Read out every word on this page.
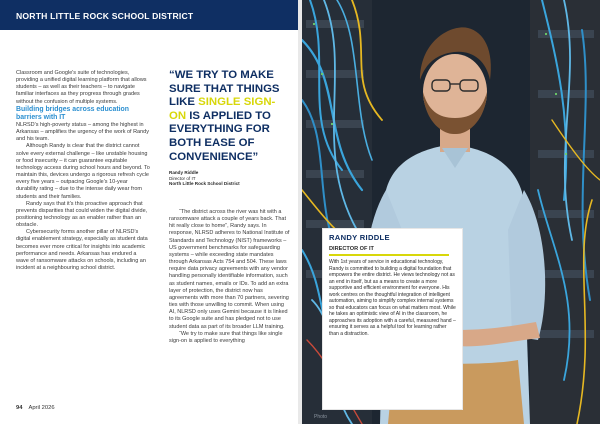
NORTH LITTLE ROCK SCHOOL DISTRICT

Classroom and Google's suite of technologies, providing a unified digital learning platform that allows students – as well as their teachers – to navigate familiar interfaces as they progress through grades without the confusion of multiple systems.

Building bridges across education barriers with IT

NLRSD's high-poverty status – among the highest in Arkansas – amplifies the urgency of the work of Randy and his team.

Although Randy is clear that the district cannot solve every external challenge – like unstable housing or food insecurity – it can guarantee equitable technology access during school hours and beyond. To maintain this, devices undergo a rigorous refresh cycle every five years – outpacing Google's 10-year durability rating – due to the intense daily wear from students and their families.

Randy says that it's this proactive approach that prevents disparities that could widen the digital divide, positioning technology as an enabler rather than an obstacle.

Cybersecurity forms another pillar of NLRSD's digital enablement strategy, especially as student data becomes ever more critical for insights into academic performance and needs. Arkansas has endured a wave of ransomware attacks on schools, including an incident at a neighbouring school district.

“WE TRY TO MAKE SURE THAT THINGS LIKE SINGLE SIGN-ON IS APPLIED TO EVERYTHING FOR BOTH EASE OF CONVENIENCE”
Randy Riddle
Director of IT
North Little Rock School District

“The district across the river was hit with a ransomware attack a couple of years back. That hit really close to home”, Randy says. In response, NLRSD adheres to National Institute of Standards and Technology (NIST) frameworks – US government benchmarks for safeguarding systems – while exceeding state mandates through Arkansas Acts 754 and 504. These laws require data privacy agreements with any vendor handling personally identifiable information, such as student names, emails or IDs. To add an extra layer of protection, the district now has agreements with more than 70 partners, severing ties with those unwilling to commit. When using AI, NLRSD only uses Gemini because it is linked to its Google suite and has pledged not to use student data as part of its broader LLM training.

“We try to make sure that things like single sign-on is applied to everything

94 April 2026
Photo
RANDY RIDDLE
DIRECTOR OF IT

With 1st years of service in educational technology, Randy is committed to building a digital foundation that empowers the entire district. He views technology not as an end in itself, but as a means to create a more supportive and efficient environment for everyone. His work centres on the thoughtful integration of intelligent automation, aiming to simplify complex internal systems so that educators can focus on what matters most. While he takes an optimistic view of AI in the classroom, he approaches its adoption with a careful, measured hand – ensuring it serves as a helpful tool for learning rather than a distraction.
